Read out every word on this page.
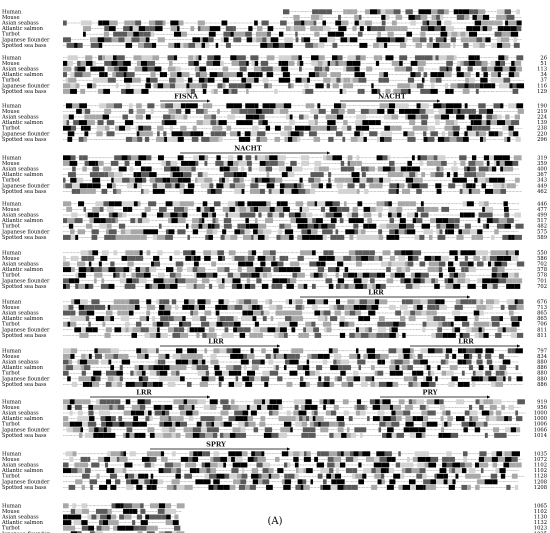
Human
Mouse
Asian seabass
Atlantic salmon
Turbot
Japanese flounder
Spotted sea bass
Human	26
Mouse	51
Asian seabass	113
Atlantic salmon	34
Turbot	37
Japanese flounder	116
Spotted sea bass	129
FISNA	NACHT
Human	190
Mouse	219
Asian seabass	224
Atlantic salmon	139
Turbot	238
Japanese flounder	220
Spotted sea bass	296
NACHT
Human	319
Mouse	359
Asian seabass	400
Atlantic salmon	367
Turbot	343
Japanese flounder	449
Spotted sea bass	462
Human	446
Mouse	477
Asian seabass	499
Atlantic salmon	517
Turbot	482
Japanese flounder	575
Spotted sea bass	589
Human	550
Mouse	586
Asian seabass	702
Atlantic salmon	578
Turbot	578
Japanese flounder	701
Spotted sea bass	702
LRR
Human	676
Mouse	713
Asian seabass	865
Atlantic salmon	865
Turbot	706
Japanese flounder	811
Spotted sea bass	811
LRR	LRR
Human	797
Mouse	834
Asian seabass	880
Atlantic salmon	886
Turbot	880
Japanese flounder	880
Spotted sea bass	886
LRR	PRY
Human	919
Mouse	956
Asian seabass	1000
Atlantic salmon	1000
Turbot	1006
Japanese flounder	1066
Spotted sea bass	1014
SPRY
Human	1035
Mouse	1072
Asian seabass	1102
Atlantic salmon	1102
Turbot	1128
Japanese flounder	1208
Spotted sea bass	1208
Human	1065
Mouse	1102
Asian seabass	1130
Atlantic salmon	1132
Turbot	1023
(A)
